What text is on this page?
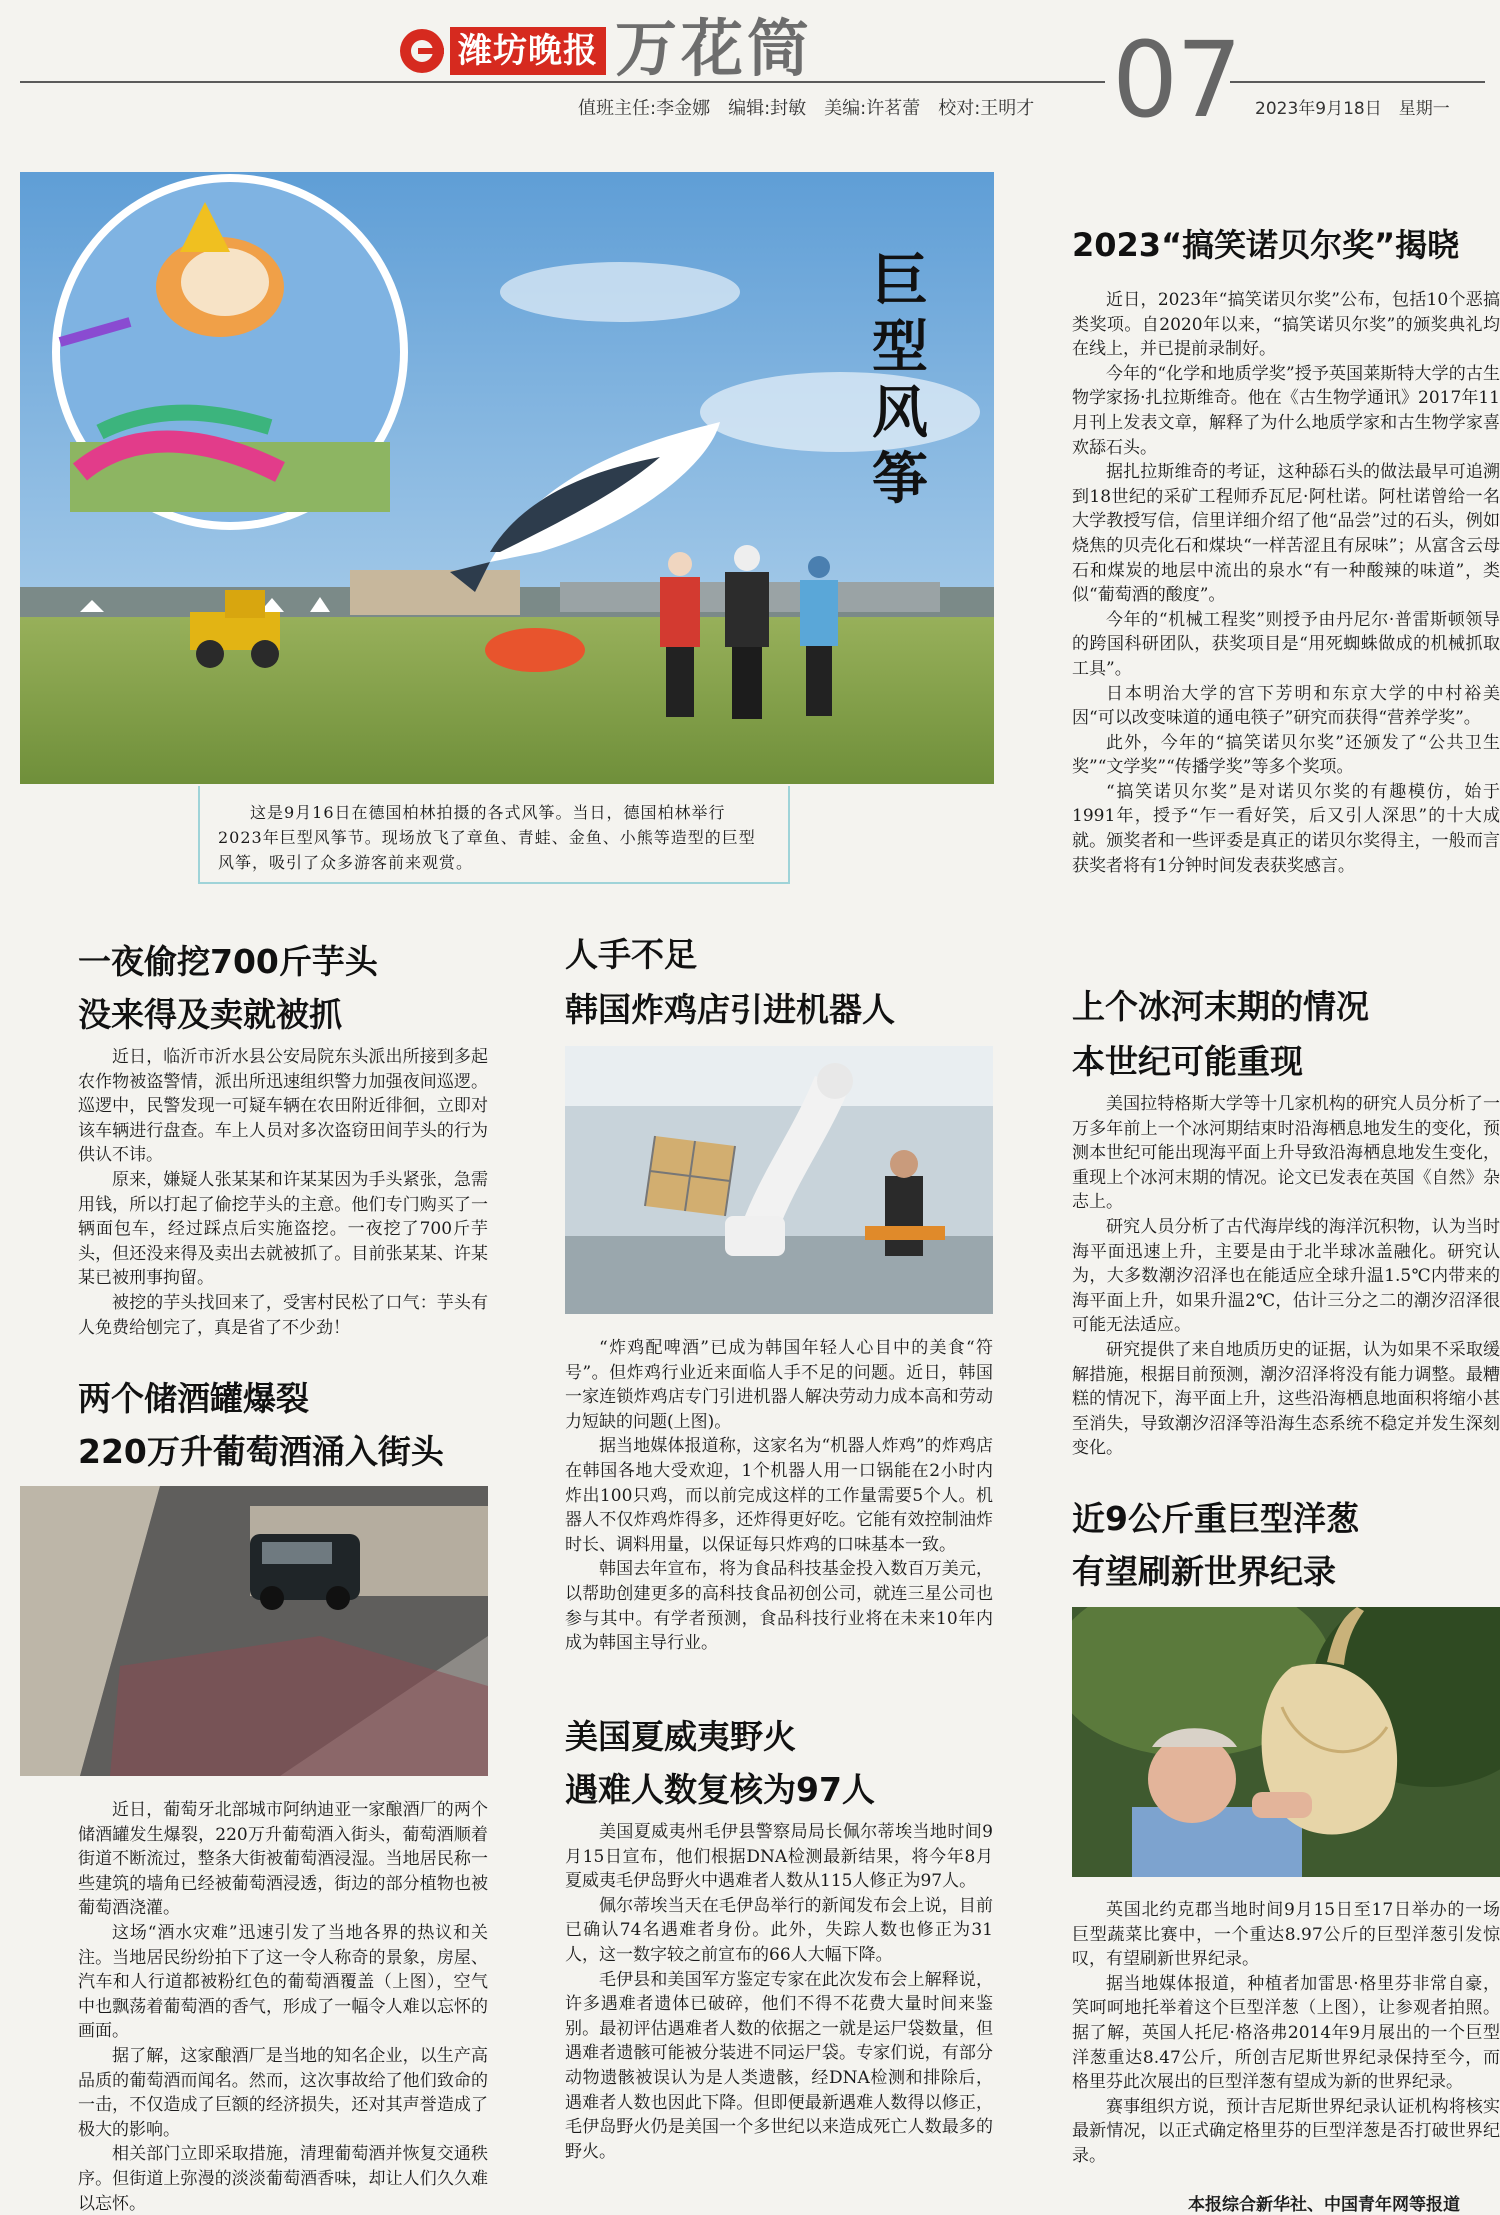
潍坊晚报 万花筒	07
值班主任:李金娜　编辑:封敏　美编:许茗蕾　校对:王明才	2023年9月18日　星期一
巨型风筝
这是9月16日在德国柏林拍摄的各式风筝。当日，德国柏林举行2023年巨型风筝节。现场放飞了章鱼、青蛙、金鱼、小熊等造型的巨型风筝，吸引了众多游客前来观赏。
2023“搞笑诺贝尔奖”揭晓

近日，2023年“搞笑诺贝尔奖”公布，包括10个恶搞类奖项。自2020年以来，“搞笑诺贝尔奖”的颁奖典礼均在线上，并已提前录制好。

今年的“化学和地质学奖”授予英国莱斯特大学的古生物学家扬·扎拉斯维奇。他在《古生物学通讯》2017年11月刊上发表文章，解释了为什么地质学家和古生物学家喜欢舔石头。

据扎拉斯维奇的考证，这种舔石头的做法最早可追溯到18世纪的采矿工程师乔瓦尼·阿杜诺。阿杜诺曾给一名大学教授写信，信里详细介绍了他“品尝”过的石头，例如烧焦的贝壳化石和煤块“一样苦涩且有尿味”；从富含云母石和煤炭的地层中流出的泉水“有一种酸辣的味道”，类似“葡萄酒的酸度”。

今年的“机械工程奖”则授予由丹尼尔·普雷斯顿领导的跨国科研团队，获奖项目是“用死蜘蛛做成的机械抓取工具”。

日本明治大学的宫下芳明和东京大学的中村裕美因“可以改变味道的通电筷子”研究而获得“营养学奖”。

此外，今年的“搞笑诺贝尔奖”还颁发了“公共卫生奖”“文学奖”“传播学奖”等多个奖项。

“搞笑诺贝尔奖”是对诺贝尔奖的有趣模仿，始于1991年，授予“乍一看好笑，后又引人深思”的十大成就。颁奖者和一些评委是真正的诺贝尔奖得主，一般而言获奖者将有1分钟时间发表获奖感言。

一夜偷挖700斤芋头
没来得及卖就被抓

近日，临沂市沂水县公安局院东头派出所接到多起农作物被盗警情，派出所迅速组织警力加强夜间巡逻。巡逻中，民警发现一可疑车辆在农田附近徘徊，立即对该车辆进行盘查。车上人员对多次盗窃田间芋头的行为供认不讳。

原来，嫌疑人张某某和许某某因为手头紧张，急需用钱，所以打起了偷挖芋头的主意。他们专门购买了一辆面包车，经过踩点后实施盗挖。一夜挖了700斤芋头，但还没来得及卖出去就被抓了。目前张某某、许某某已被刑事拘留。

被挖的芋头找回来了，受害村民松了口气：芋头有人免费给刨完了，真是省了不少劲！

两个储酒罐爆裂
220万升葡萄酒涌入街头

近日，葡萄牙北部城市阿纳迪亚一家酿酒厂的两个储酒罐发生爆裂，220万升葡萄酒入街头，葡萄酒顺着街道不断流过，整条大街被葡萄酒浸湿。当地居民称一些建筑的墙角已经被葡萄酒浸透，街边的部分植物也被葡萄酒浇灌。

这场“酒水灾难”迅速引发了当地各界的热议和关注。当地居民纷纷拍下了这一令人称奇的景象，房屋、汽车和人行道都被粉红色的葡萄酒覆盖（上图），空气中也飘荡着葡萄酒的香气，形成了一幅令人难以忘怀的画面。

据了解，这家酿酒厂是当地的知名企业，以生产高品质的葡萄酒而闻名。然而，这次事故给了他们致命的一击，不仅造成了巨额的经济损失，还对其声誉造成了极大的影响。

相关部门立即采取措施，清理葡萄酒并恢复交通秩序。但街道上弥漫的淡淡葡萄酒香味，却让人们久久难以忘怀。

人手不足
韩国炸鸡店引进机器人

“炸鸡配啤酒”已成为韩国年轻人心目中的美食“符号”。但炸鸡行业近来面临人手不足的问题。近日，韩国一家连锁炸鸡店专门引进机器人解决劳动力成本高和劳动力短缺的问题(上图)。

据当地媒体报道称，这家名为“机器人炸鸡”的炸鸡店在韩国各地大受欢迎，1个机器人用一口锅能在2小时内炸出100只鸡，而以前完成这样的工作量需要5个人。机器人不仅炸鸡炸得多，还炸得更好吃。它能有效控制油炸时长、调料用量，以保证每只炸鸡的口味基本一致。

韩国去年宣布，将为食品科技基金投入数百万美元，以帮助创建更多的高科技食品初创公司，就连三星公司也参与其中。有学者预测，食品科技行业将在未来10年内成为韩国主导行业。

美国夏威夷野火
遇难人数复核为97人

美国夏威夷州毛伊县警察局局长佩尔蒂埃当地时间9月15日宣布，他们根据DNA检测最新结果，将今年8月夏威夷毛伊岛野火中遇难者人数从115人修正为97人。

佩尔蒂埃当天在毛伊岛举行的新闻发布会上说，目前已确认74名遇难者身份。此外，失踪人数也修正为31人，这一数字较之前宣布的66人大幅下降。

毛伊县和美国军方鉴定专家在此次发布会上解释说，许多遇难者遗体已破碎，他们不得不花费大量时间来鉴别。最初评估遇难者人数的依据之一就是运尸袋数量，但遇难者遗骸可能被分装进不同运尸袋。专家们说，有部分动物遗骸被误认为是人类遗骸，经DNA检测和排除后，遇难者人数也因此下降。但即便最新遇难人数得以修正，毛伊岛野火仍是美国一个多世纪以来造成死亡人数最多的野火。

上个冰河末期的情况
本世纪可能重现

美国拉特格斯大学等十几家机构的研究人员分析了一万多年前上一个冰河期结束时沿海栖息地发生的变化，预测本世纪可能出现海平面上升导致沿海栖息地发生变化，重现上个冰河末期的情况。论文已发表在英国《自然》杂志上。

研究人员分析了古代海岸线的海洋沉积物，认为当时海平面迅速上升，主要是由于北半球冰盖融化。研究认为，大多数潮汐沼泽也在能适应全球升温1.5℃内带来的海平面上升，如果升温2℃，估计三分之二的潮汐沼泽很可能无法适应。

研究提供了来自地质历史的证据，认为如果不采取缓解措施，根据目前预测，潮汐沼泽将没有能力调整。最糟糕的情况下，海平面上升，这些沿海栖息地面积将缩小甚至消失，导致潮汐沼泽等沿海生态系统不稳定并发生深刻变化。

近9公斤重巨型洋葱
有望刷新世界纪录

英国北约克郡当地时间9月15日至17日举办的一场巨型蔬菜比赛中，一个重达8.97公斤的巨型洋葱引发惊叹，有望刷新世界纪录。

据当地媒体报道，种植者加雷思·格里芬非常自豪，笑呵呵地托举着这个巨型洋葱（上图），让参观者拍照。据了解，英国人托尼·格洛弗2014年9月展出的一个巨型洋葱重达8.47公斤，所创吉尼斯世界纪录保持至今，而格里芬此次展出的巨型洋葱有望成为新的世界纪录。

赛事组织方说，预计吉尼斯世界纪录认证机构将核实最新情况，以正式确定格里芬的巨型洋葱是否打破世界纪录。

本报综合新华社、中国青年网等报道
